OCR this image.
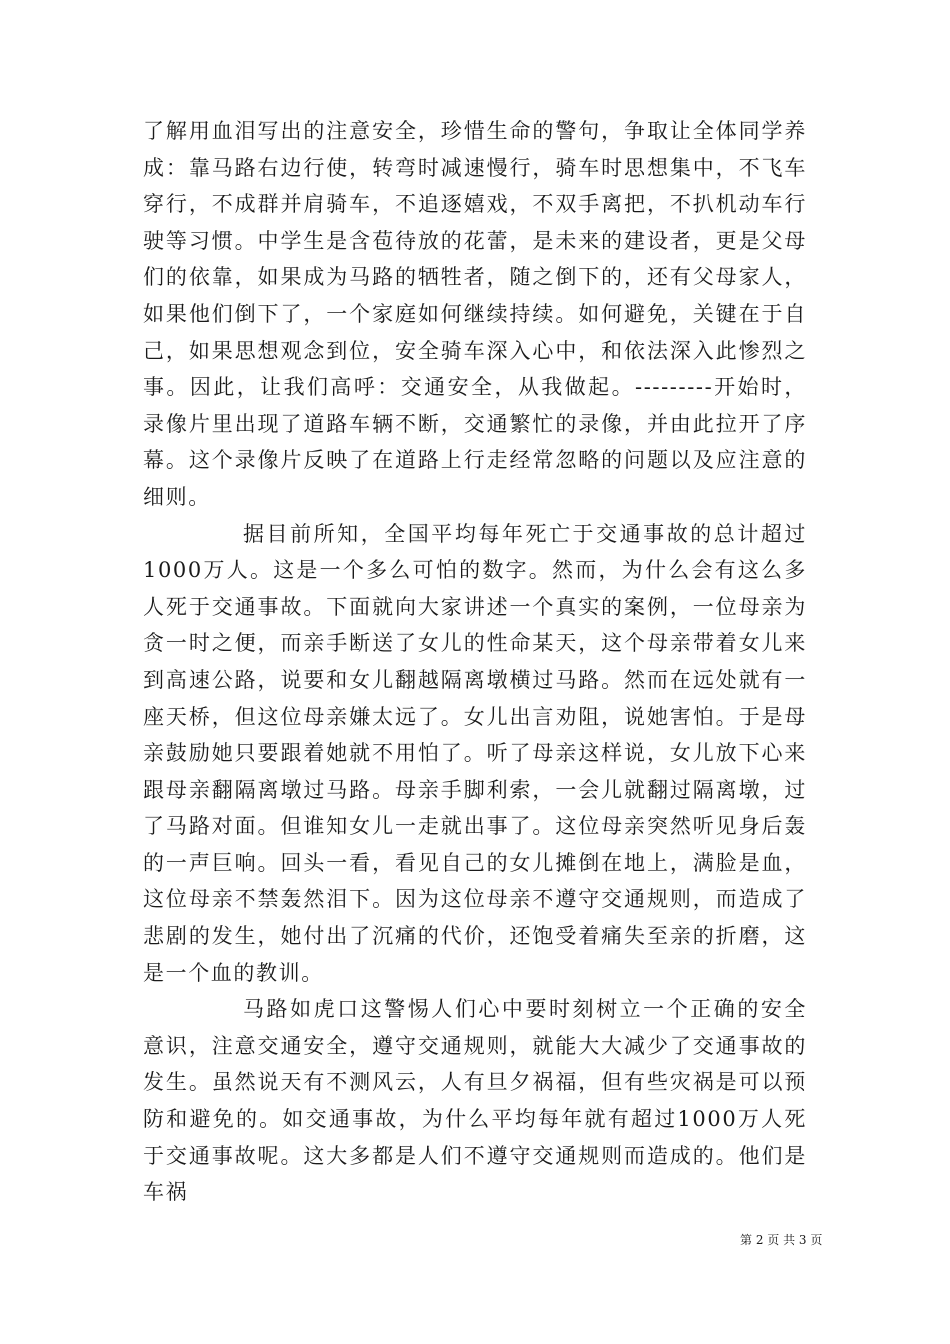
了解用血泪写出的注意安全，珍惜生命的警句，争取让全体同学养成：靠马路右边行使，转弯时减速慢行，骑车时思想集中，不飞车穿行，不成群并肩骑车，不追逐嬉戏，不双手离把，不扒机动车行驶等习惯。中学生是含苞待放的花蕾，是未来的建设者，更是父母们的依靠，如果成为马路的牺牲者，随之倒下的，还有父母家人，如果他们倒下了，一个家庭如何继续持续。如何避免，关键在于自己，如果思想观念到位，安全骑车深入心中，和依法深入此惨烈之事。因此，让我们高呼：交通安全，从我做起。---------开始时，录像片里出现了道路车辆不断，交通繁忙的录像，并由此拉开了序幕。这个录像片反映了在道路上行走经常忽略的问题以及应注意的细则。

据目前所知，全国平均每年死亡于交通事故的总计超过1000万人。这是一个多么可怕的数字。然而，为什么会有这么多人死于交通事故。下面就向大家讲述一个真实的案例，一位母亲为贪一时之便，而亲手断送了女儿的性命某天，这个母亲带着女儿来到高速公路，说要和女儿翻越隔离墩横过马路。然而在远处就有一座天桥，但这位母亲嫌太远了。女儿出言劝阻，说她害怕。于是母亲鼓励她只要跟着她就不用怕了。听了母亲这样说，女儿放下心来跟母亲翻隔离墩过马路。母亲手脚利索，一会儿就翻过隔离墩，过了马路对面。但谁知女儿一走就出事了。这位母亲突然听见身后轰的一声巨响。回头一看，看见自己的女儿摊倒在地上，满脸是血，这位母亲不禁轰然泪下。因为这位母亲不遵守交通规则，而造成了悲剧的发生，她付出了沉痛的代价，还饱受着痛失至亲的折磨，这是一个血的教训。

马路如虎口这警惕人们心中要时刻树立一个正确的安全意识，注意交通安全，遵守交通规则，就能大大减少了交通事故的发生。虽然说天有不测风云，人有旦夕祸福，但有些灾祸是可以预防和避免的。如交通事故，为什么平均每年就有超过1000万人死于交通事故呢。这大多都是人们不遵守交通规则而造成的。他们是车祸

第 2 页 共 3 页
